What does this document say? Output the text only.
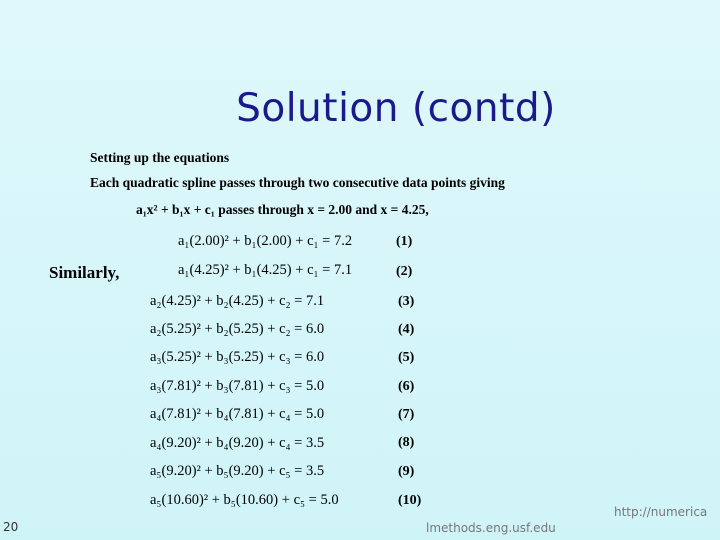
Solution (contd)
Setting up the equations
Each quadratic spline passes through two consecutive data points giving
a₁x² + b₁x + c₁ passes through x = 2.00 and x = 4.25,
Similarly,
a₁(2.00)² + b₁(2.00) + c₁ = 7.2	(1)
a₁(4.25)² + b₁(4.25) + c₁ = 7.1	(2)
a₂(4.25)² + b₂(4.25) + c₂ = 7.1	(3)
a₂(5.25)² + b₂(5.25) + c₂ = 6.0	(4)
a₃(5.25)² + b₃(5.25) + c₃ = 6.0	(5)
a₃(7.81)² + b₃(7.81) + c₃ = 5.0	(6)
a₄(7.81)² + b₄(7.81) + c₄ = 5.0	(7)
a₄(9.20)² + b₄(9.20) + c₄ = 3.5	(8)
a₅(9.20)² + b₅(9.20) + c₅ = 3.5	(9)
a₅(10.60)² + b₅(10.60) + c₅ = 5.0	(10)
20
http://numerica
lmethods.eng.usf.edu
